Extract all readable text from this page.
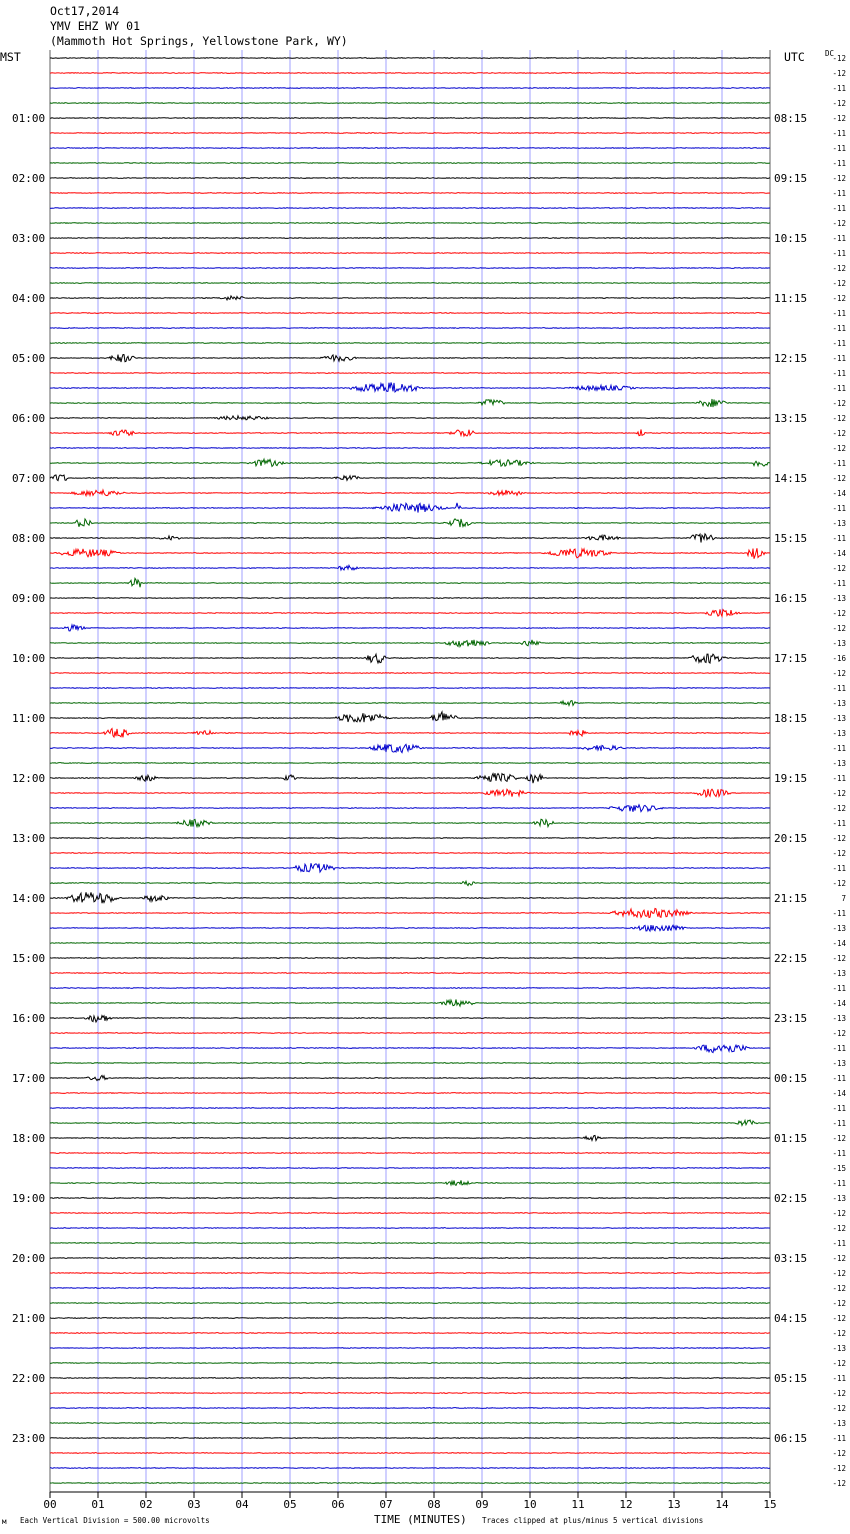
Oct17,2014
YMV EHZ WY 01
(Mammoth Hot Springs, Yellowstone Park, WY)
MST	UTC	DC
01:00
02:00
03:00
04:00
05:00
06:00
07:00
08:00
09:00
10:00
11:00
12:00
13:00
14:00
15:00
16:00
17:00
18:00
19:00
20:00
21:00
22:00
23:00
08:15
09:15
10:15
11:15
12:15
13:15
14:15
15:15
16:15
17:15
18:15
19:15
20:15
21:15
22:15
23:15
00:15
01:15
02:15
03:15
04:15
05:15
06:15
-12
-12
-11
-12
-12
-11
-11
-11
-12
-11
-11
-12
-11
-11
-12
-12
-12
-11
-11
-11
-11
-11
-11
-12
-12
-12
-12
-11
-12
-14
-11
-13
-11
-14
-12
-11
-13
-12
-12
-13
-16
-12
-11
-13
-13
-13
-11
-13
-11
-12
-12
-11
-12
-12
-11
-12
7
-11
-13
-14
-12
-13
-11
-14
-13
-12
-11
-13
-11
-14
-11
-11
-12
-11
-15
-11
-13
-12
-12
-11
-12
-12
-12
-12
-12
-12
-13
-12
-11
-12
-12
-13
-11
-12
-12
-12
00	01	02	03	04	05	06	07	08	09	10	11	12	13	14	15
м Each Vertical Division = 500.00 microvolts	TIME (MINUTES) Traces clipped at plus/minus 5 vertical divisions
